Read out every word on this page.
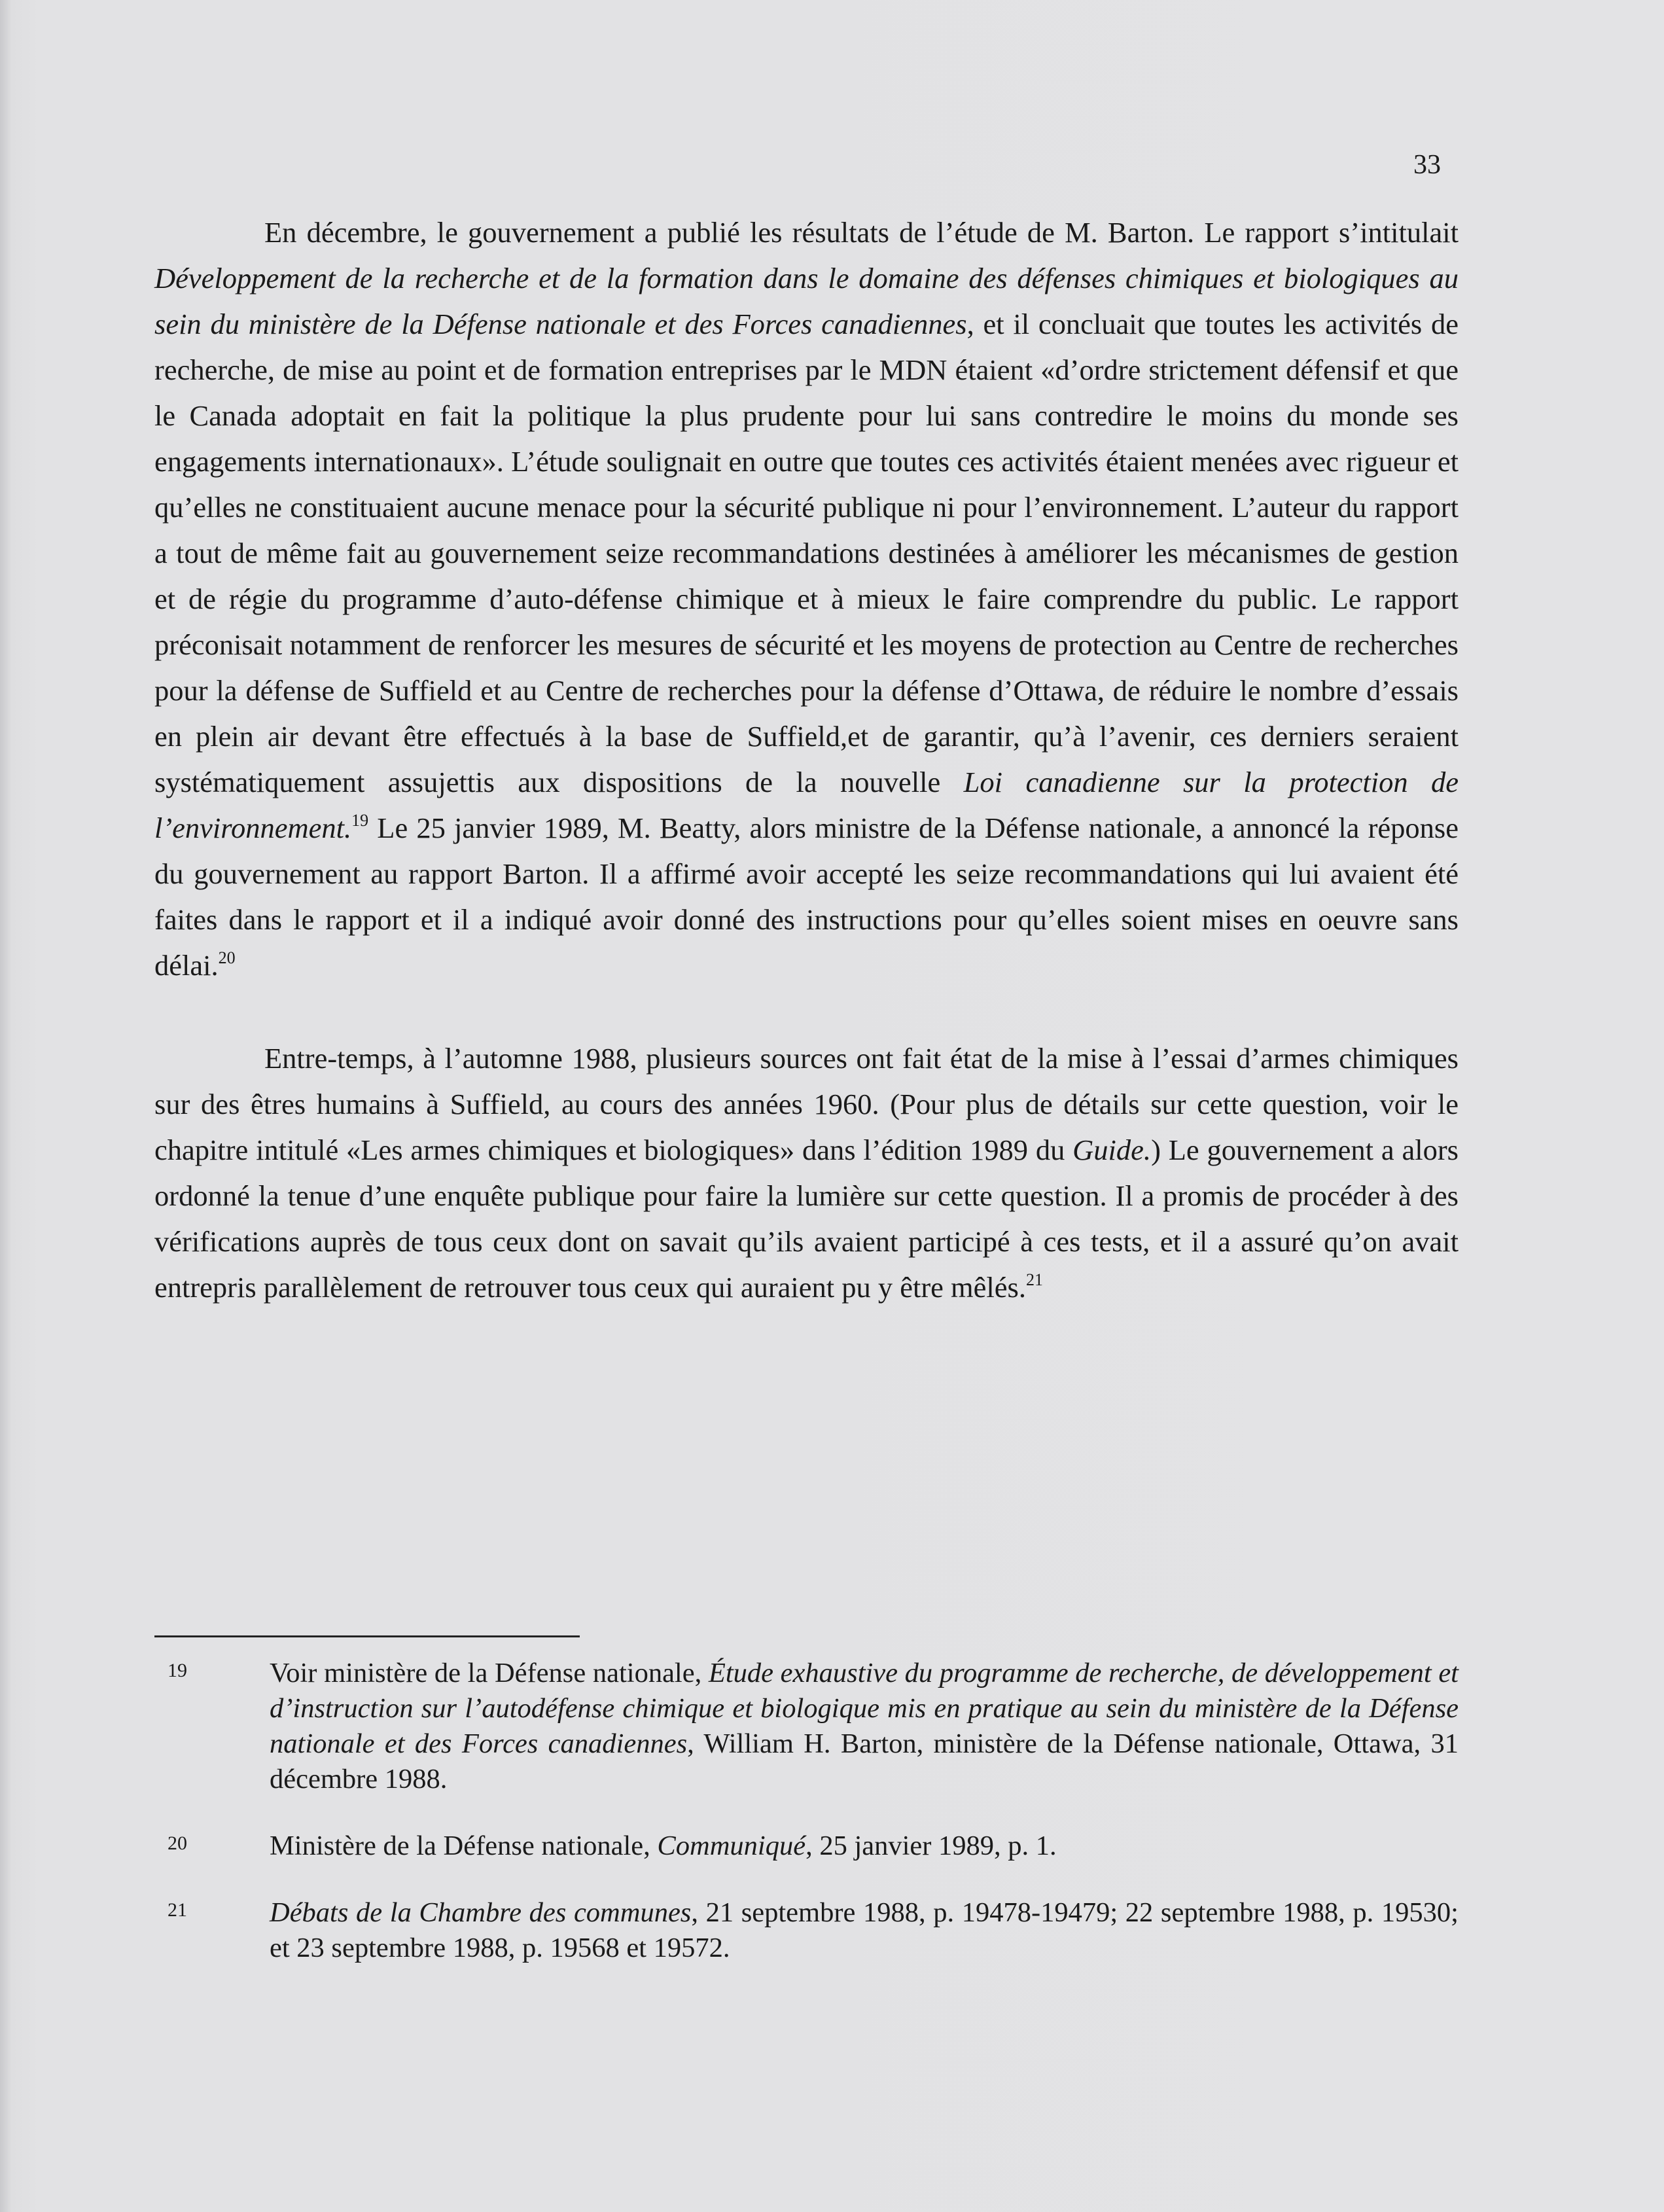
33

En décembre, le gouvernement a publié les résultats de l’étude de M. Barton. Le rapport s’intitulait Développement de la recherche et de la formation dans le domaine des défenses chimiques et biologiques au sein du ministère de la Défense nationale et des Forces canadiennes, et il concluait que toutes les activités de recherche, de mise au point et de formation entreprises par le MDN étaient «d’ordre strictement défensif et que le Canada adoptait en fait la politique la plus prudente pour lui sans contredire le moins du monde ses engagements internationaux». L’étude soulignait en outre que toutes ces activités étaient menées avec rigueur et qu’elles ne constituaient aucune menace pour la sécurité publique ni pour l’environnement. L’auteur du rapport a tout de même fait au gouvernement seize recommandations destinées à améliorer les mécanismes de gestion et de régie du programme d’auto-défense chimique et à mieux le faire comprendre du public. Le rapport préconisait notamment de renforcer les mesures de sécurité et les moyens de protection au Centre de recherches pour la défense de Suffield et au Centre de recherches pour la défense d’Ottawa, de réduire le nombre d’essais en plein air devant être effectués à la base de Suffield,et de garantir, qu’à l’avenir, ces derniers seraient systématiquement assujettis aux dispositions de la nouvelle Loi canadienne sur la protection de l’environnement.$^{19}$ Le 25 janvier 1989, M. Beatty, alors ministre de la Défense nationale, a annoncé la réponse du gouvernement au rapport Barton. Il a affirmé avoir accepté les seize recommandations qui lui avaient été faites dans le rapport et il a indiqué avoir donné des instructions pour qu’elles soient mises en oeuvre sans délai.$^{20}$

Entre-temps, à l’automne 1988, plusieurs sources ont fait état de la mise à l’essai d’armes chimiques sur des êtres humains à Suffield, au cours des années 1960. (Pour plus de détails sur cette question, voir le chapitre intitulé «Les armes chimiques et biologiques» dans l’édition 1989 du Guide.) Le gouvernement a alors ordonné la tenue d’une enquête publique pour faire la lumière sur cette question. Il a promis de procéder à des vérifications auprès de tous ceux dont on savait qu’ils avaient participé à ces tests, et il a assuré qu’on avait entrepris parallèlement de retrouver tous ceux qui auraient pu y être mêlés.$^{21}$

19	Voir ministère de la Défense nationale, Étude exhaustive du programme de recherche, de développement et d’instruction sur l’autodéfense chimique et biologique mis en pratique au sein du ministère de la Défense nationale et des Forces canadiennes, William H. Barton, ministère de la Défense nationale, Ottawa, 31 décembre 1988.
20	Ministère de la Défense nationale, Communiqué, 25 janvier 1989, p. 1.
21	Débats de la Chambre des communes, 21 septembre 1988, p. 19478-19479; 22 septembre 1988, p. 19530; et 23 septembre 1988, p. 19568 et 19572.
